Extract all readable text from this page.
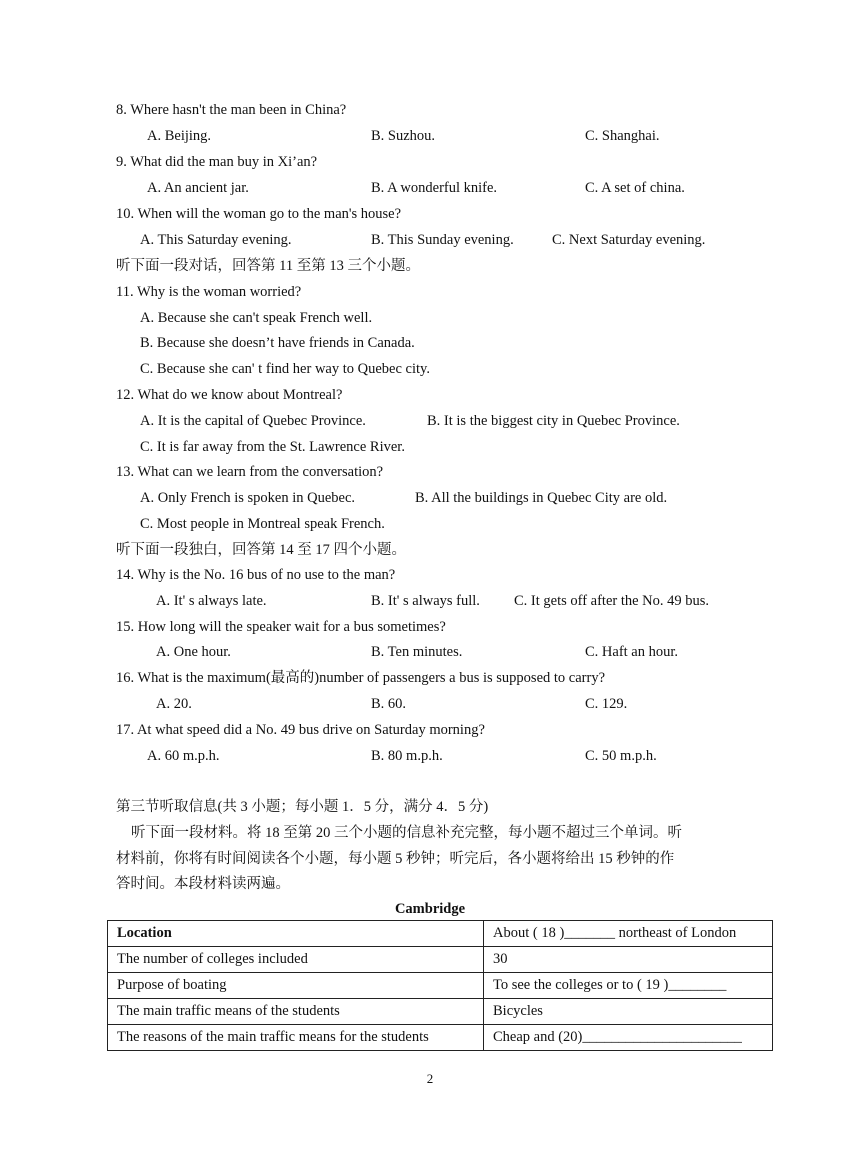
8. Where hasn't the man been in China?
A. Beijing.	B. Suzhou.	C. Shanghai.
9. What did the man buy in Xi’an?
A. An ancient jar.	B. A wonderful knife.	C. A set of china.
10. When will the woman go to the man's house?
A. This Saturday evening.	B. This Sunday evening.	C. Next Saturday evening.
听下面一段对话，回答第 11 至第 13 三个小题。
11. Why is the woman worried?
A. Because she can't speak French well.
B. Because she doesn’t have friends in Canada.
C. Because she can' t find her way to Quebec city.
12. What do we know about Montreal?
A. It is the capital of Quebec Province.	B. It is the biggest city in Quebec Province.
C. It is far away from the St. Lawrence River.
13. What can we learn from the conversation?
A. Only French is spoken in Quebec.	B. All the buildings in Quebec City are old.
C. Most people in Montreal speak French.
听下面一段独白，回答第 14 至 17 四个小题。
14. Why is the No. 16 bus of no use to the man?
A. It' s always late.	B. It' s always full. C. It gets off after the No. 49 bus.
15. How long will the speaker wait for a bus sometimes?
A. One hour.	B. Ten minutes.	C. Haft an hour.
16. What is the maximum(最高的)number of passengers a bus is supposed to carry?
A. 20.	B. 60.	C. 129.
17. At what speed did a No. 49 bus drive on Saturday morning?
A. 60 m.p.h.	B. 80 m.p.h.	C. 50 m.p.h.
第三节听取信息(共 3 小题；每小题 1．5 分，满分 4．5 分)
听下面一段材料。将 18 至第 20 三个小题的信息补充完整，每小题不超过三个单词。听
材料前，你将有时间阅读各个小题，每小题 5 秒钟；听完后，各小题将给出 15 秒钟的作
答时间。本段材料读两遍。
Cambridge
Location	About ( 18 )_______ northeast of London
The number of colleges included	30
Purpose of boating	To see the colleges or to ( 19 )________
The main traffic means of the students	Bicycles
The reasons of the main traffic means for the students	Cheap and (20)______________________
2
